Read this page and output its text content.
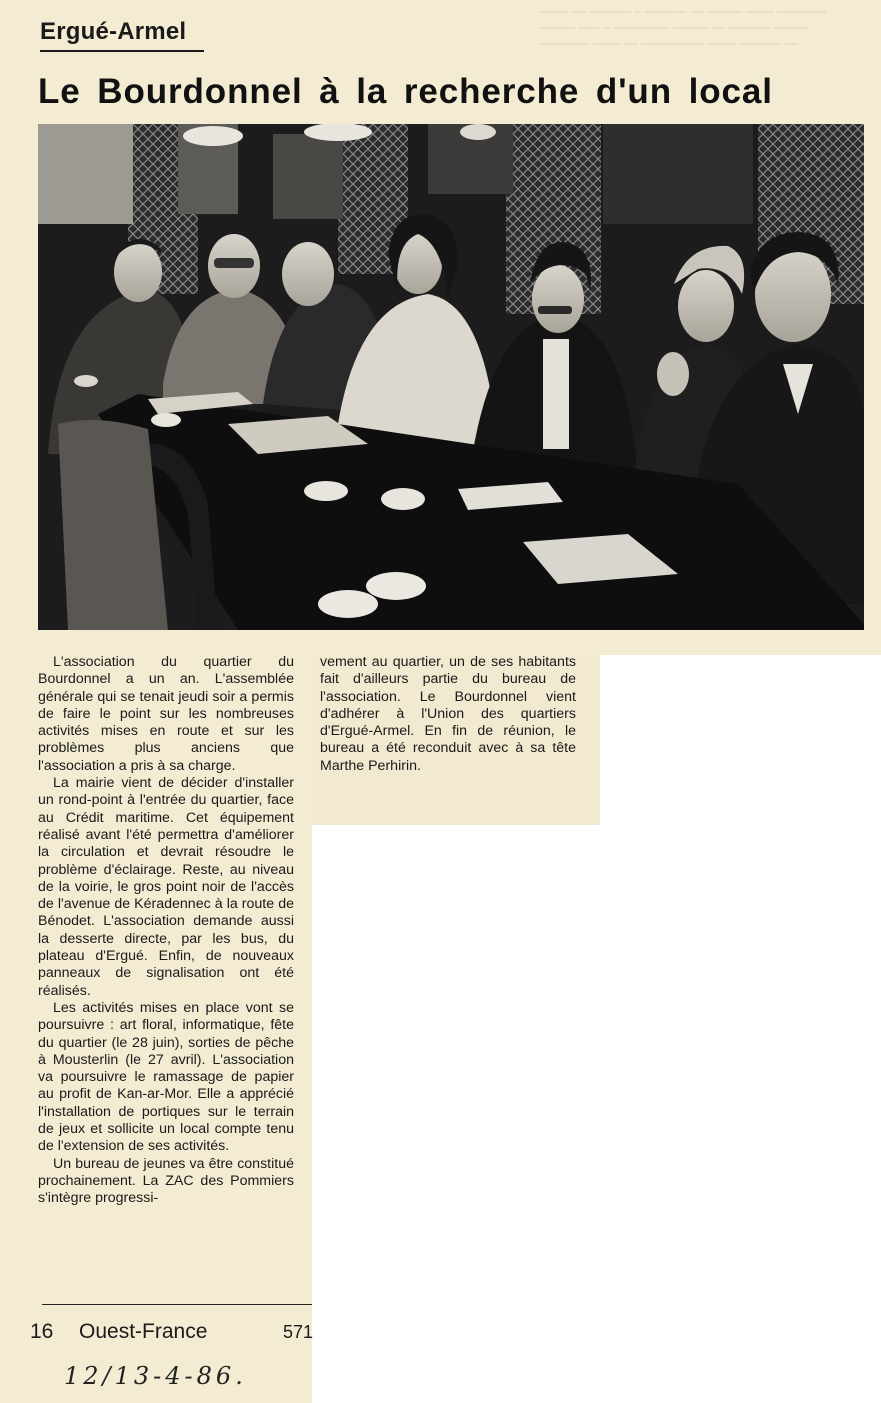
~~~~ ~~ ~~~~~~ ~ ~~~~~~ ~~ ~~~~~ ~~~~ ~~~~~~~
~~~~~ ~~~ ~ ~~~~~~~~ ~~~~~ ~~ ~~~~~~ ~~~~~
~~~~~~~ ~~~~ ~~ ~~~~~~~~~ ~~~~ ~~~~~~ ~~
Ergué-Armel
Le Bourdonnel à la recherche d'un local

L'association du quartier du Bourdonnel a un an. L'assemblée générale qui se tenait jeudi soir a permis de faire le point sur les nombreuses activités mises en route et sur les problèmes plus anciens que l'association a pris à sa charge.

La mairie vient de décider d'installer un rond-point à l'entrée du quartier, face au Crédit maritime. Cet équipement réalisé avant l'été permettra d'améliorer la circulation et devrait résoudre le problème d'éclairage. Reste, au niveau de la voirie, le gros point noir de l'accès de l'avenue de Kéradennec à la route de Bénodet. L'association demande aussi la desserte directe, par les bus, du plateau d'Ergué. Enfin, de nouveaux panneaux de signalisation ont été réalisés.

Les activités mises en place vont se poursuivre : art floral, informatique, fête du quartier (le 28 juin), sorties de pêche à Mousterlin (le 27 avril). L'association va poursuivre le ramassage de papier au profit de Kan-ar-Mor. Elle a apprécié l'installation de portiques sur le terrain de jeux et sollicite un local compte tenu de l'extension de ses activités.

Un bureau de jeunes va être constitué prochainement. La ZAC des Pommiers s'intègre progressi-

vement au quartier, un de ses habitants fait d'ailleurs partie du bureau de l'association. Le Bourdonnel vient d'adhérer à l'Union des quartiers d'Ergué-Armel. En fin de réunion, le bureau a été reconduit avec à sa tête Marthe Perhirin.

16 Ouest-France	571
12/13-4-86.
